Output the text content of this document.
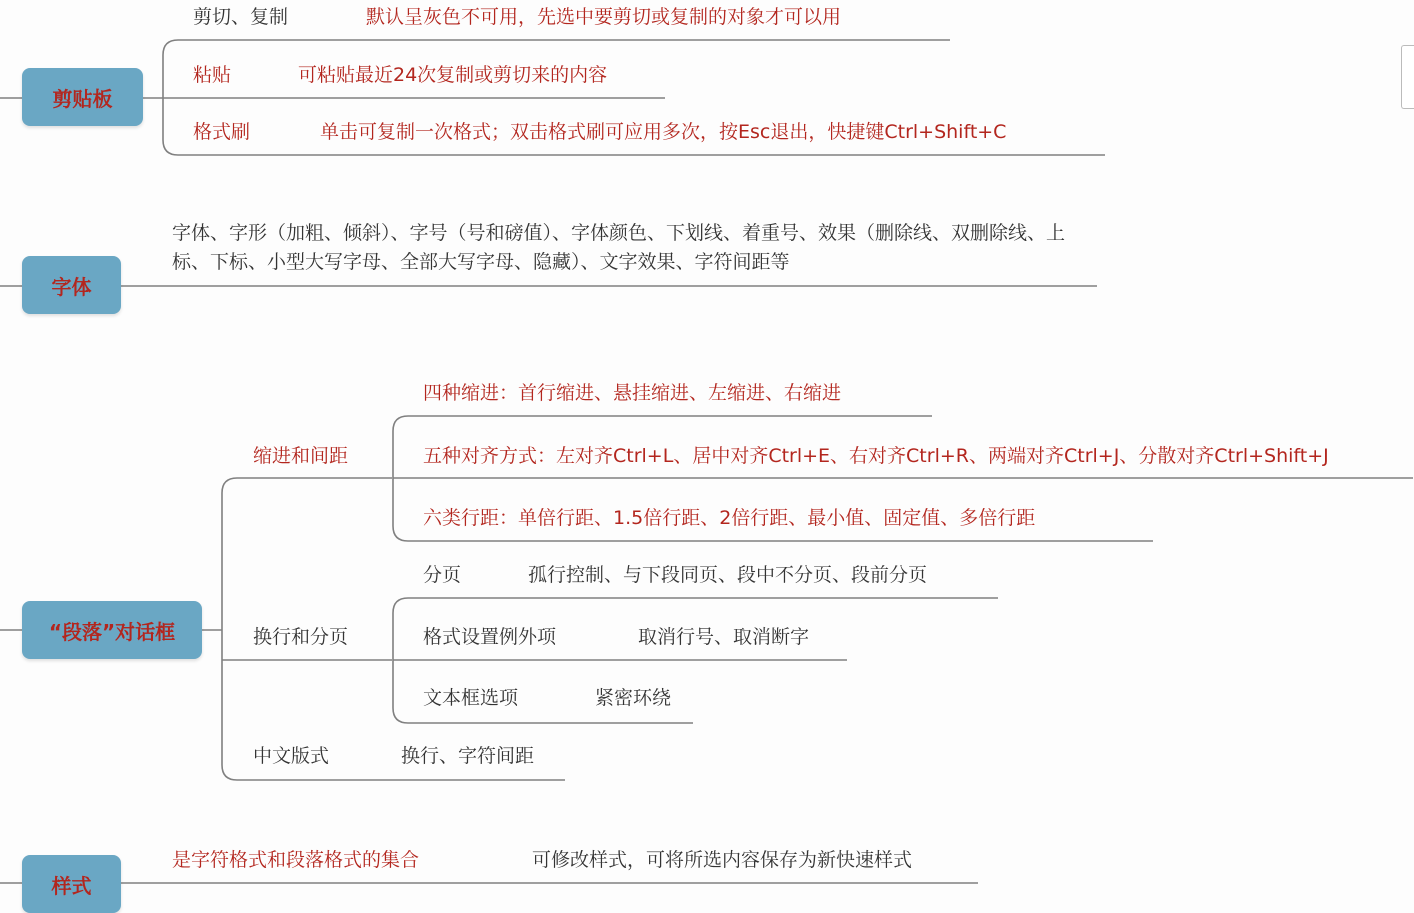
剪贴板
字体
“段落”对话框
样式
剪切、复制	默认呈灰色不可用，先选中要剪切或复制的对象才可以用
粘贴	可粘贴最近24次复制或剪切来的内容
格式刷	单击可复制一次格式；双击格式刷可应用多次，按Esc退出，快捷键Ctrl+Shift+C
字体、字形（加粗、倾斜）、字号（号和磅值）、字体颜色、下划线、着重号、效果（删除线、双删除线、上标、下标、小型大写字母、全部大写字母、隐藏）、文字效果、字符间距等
缩进和间距
四种缩进：首行缩进、悬挂缩进、左缩进、右缩进
五种对齐方式：左对齐Ctrl+L、居中对齐Ctrl+E、右对齐Ctrl+R、两端对齐Ctrl+J、分散对齐Ctrl+Shift+J
六类行距：单倍行距、1.5倍行距、2倍行距、最小值、固定值、多倍行距
换行和分页
分页	孤行控制、与下段同页、段中不分页、段前分页
格式设置例外项	取消行号、取消断字
文本框选项	紧密环绕
中文版式	换行、字符间距
是字符格式和段落格式的集合	可修改样式，可将所选内容保存为新快速样式
